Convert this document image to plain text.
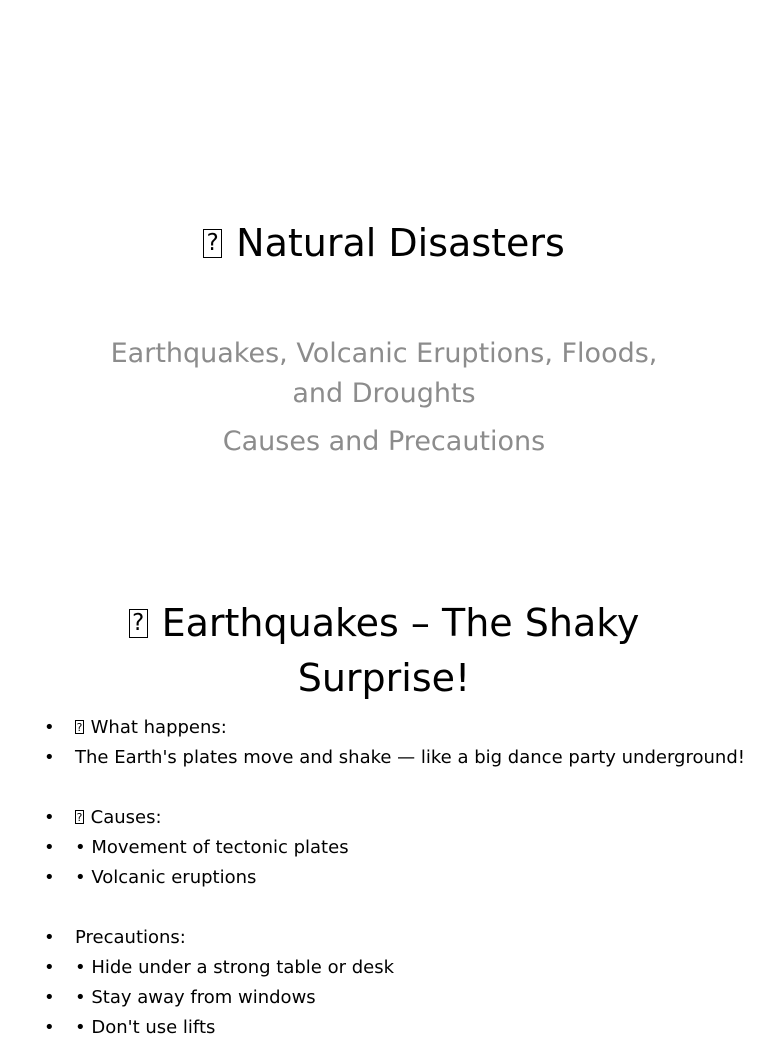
? Natural Disasters
Earthquakes, Volcanic Eruptions, Floods, and Droughts
Causes and Precautions
? Earthquakes – The Shaky Surprise!
? • What happens:
• The Earth's plates move and shake — like a big dance party underground!
? • Causes:
• • Movement of tectonic plates
• • Volcanic eruptions
• Precautions:
• • Hide under a strong table or desk
• • Stay away from windows
• • Don't use lifts
